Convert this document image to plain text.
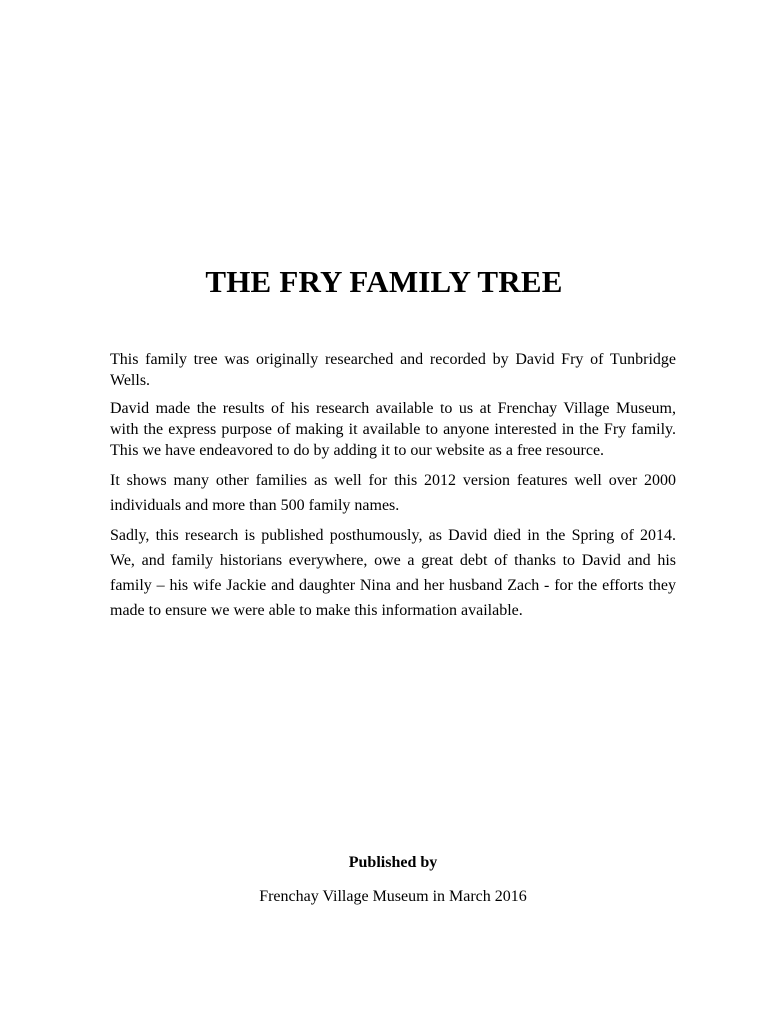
THE FRY FAMILY TREE

This family tree was originally researched and recorded by David Fry of Tunbridge Wells.

David made the results of his research available to us at Frenchay Village Museum, with the express purpose of making it available to anyone interested in the Fry family. This we have endeavored to do by adding it to our website as a free resource.

It shows many other families as well for this 2012 version features well over 2000 individuals and more than 500 family names.

Sadly, this research is published posthumously, as David died in the Spring of 2014. We, and family historians everywhere, owe a great debt of thanks to David and his family – his wife Jackie and daughter Nina and her husband Zach - for the efforts they made to ensure we were able to make this information available.

Published by
Frenchay Village Museum in March 2016
